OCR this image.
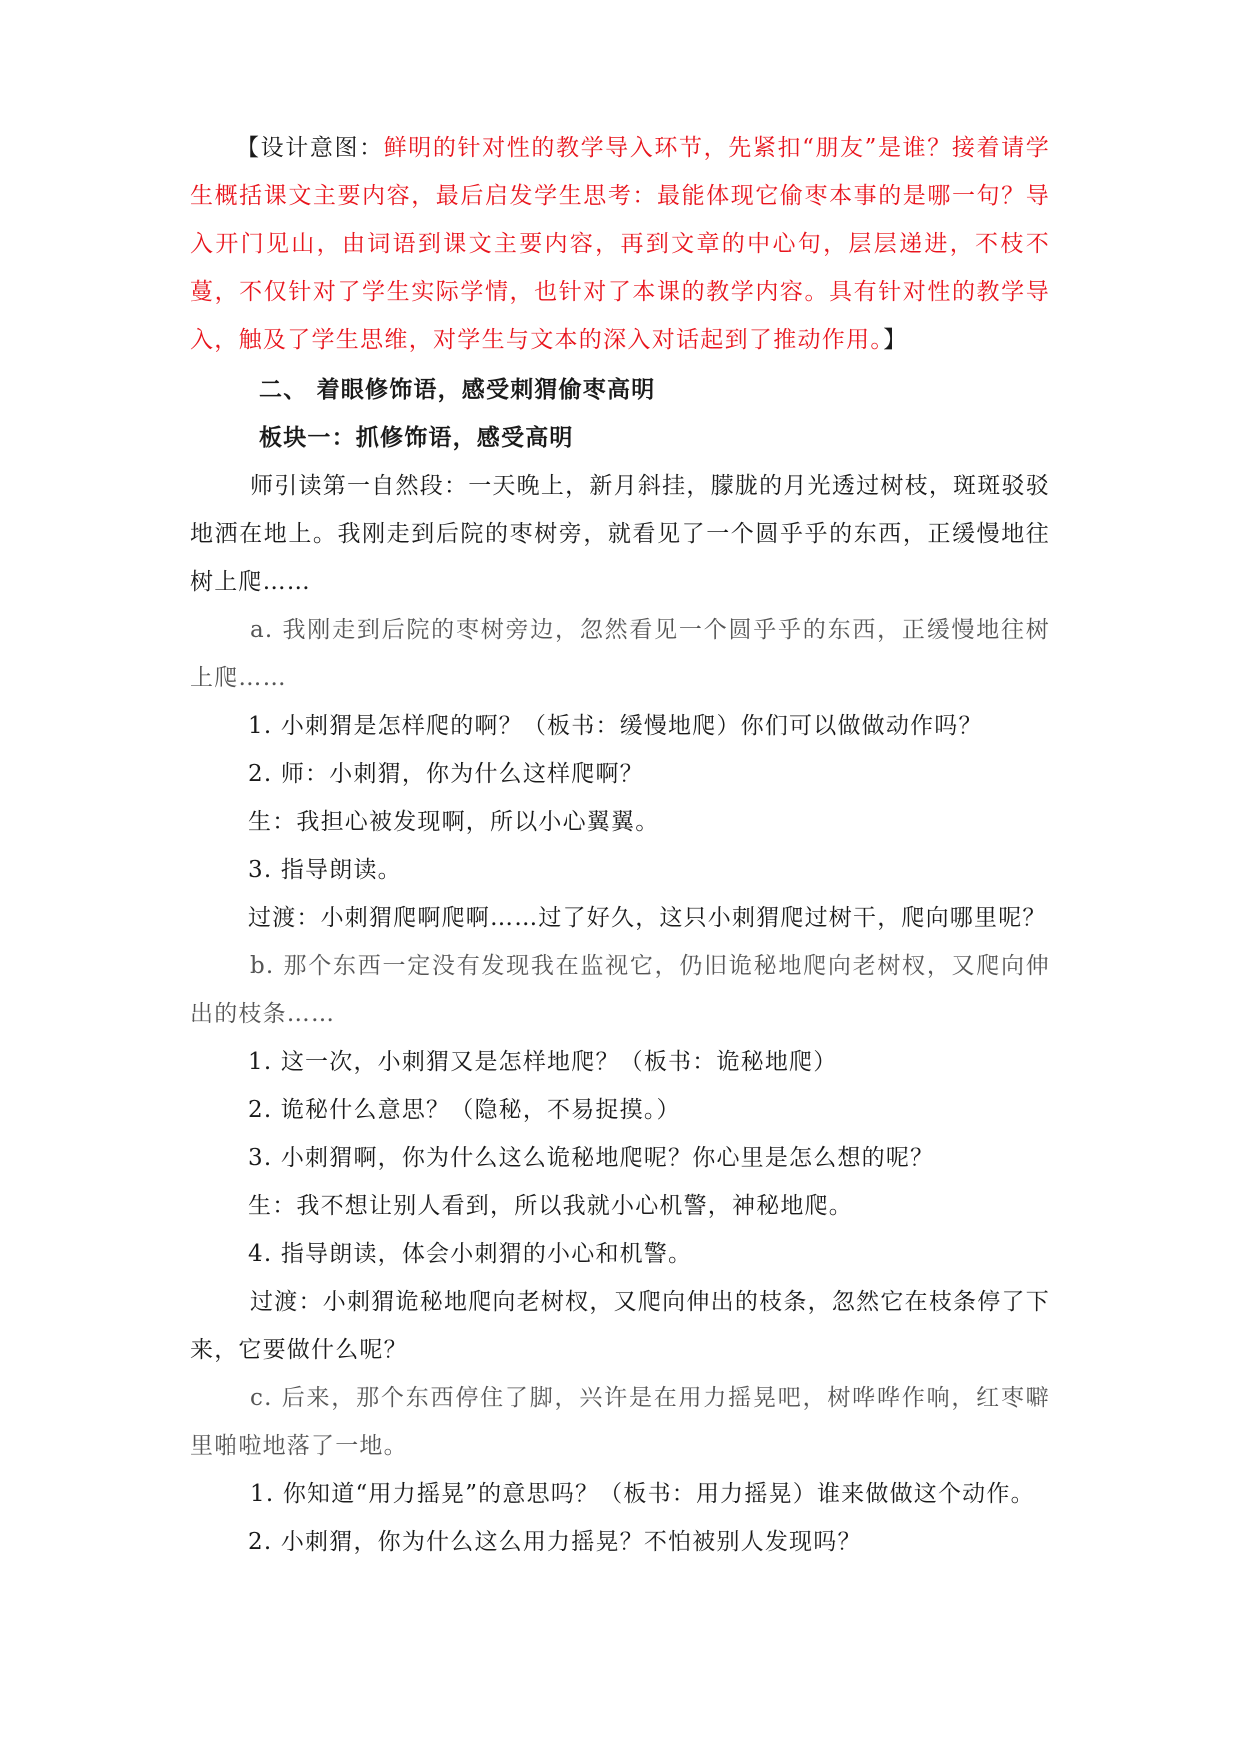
【设计意图：鲜明的针对性的教学导入环节，先紧扣“朋友”是谁？接着请学生概括课文主要内容，最后启发学生思考：最能体现它偷枣本事的是哪一句？导入开门见山，由词语到课文主要内容，再到文章的中心句，层层递进，不枝不蔓，不仅针对了学生实际学情，也针对了本课的教学内容。具有针对性的教学导入，触及了学生思维，对学生与文本的深入对话起到了推动作用。】

二、 着眼修饰语，感受刺猬偷枣高明

板块一：抓修饰语，感受高明

师引读第一自然段：一天晚上，新月斜挂，朦胧的月光透过树枝，斑斑驳驳地洒在地上。我刚走到后院的枣树旁，就看见了一个圆乎乎的东西，正缓慢地往树上爬……

a. 我刚走到后院的枣树旁边，忽然看见一个圆乎乎的东西，正缓慢地往树上爬……

1. 小刺猬是怎样爬的啊？（板书：缓慢地爬）你们可以做做动作吗？

2. 师：小刺猬，你为什么这样爬啊？

生：我担心被发现啊，所以小心翼翼。

3. 指导朗读。

过渡：小刺猬爬啊爬啊……过了好久，这只小刺猬爬过树干，爬向哪里呢？

b. 那个东西一定没有发现我在监视它，仍旧诡秘地爬向老树杈，又爬向伸出的枝条……

1. 这一次，小刺猬又是怎样地爬？（板书：诡秘地爬）

2. 诡秘什么意思？（隐秘，不易捉摸。）

3. 小刺猬啊，你为什么这么诡秘地爬呢？你心里是怎么想的呢？

生：我不想让别人看到，所以我就小心机警，神秘地爬。

4. 指导朗读，体会小刺猬的小心和机警。

过渡：小刺猬诡秘地爬向老树杈，又爬向伸出的枝条，忽然它在枝条停了下来，它要做什么呢？

c. 后来，那个东西停住了脚，兴许是在用力摇晃吧，树哗哗作响，红枣噼里啪啦地落了一地。

1. 你知道“用力摇晃”的意思吗？（板书：用力摇晃）谁来做做这个动作。

2. 小刺猬，你为什么这么用力摇晃？不怕被别人发现吗？
